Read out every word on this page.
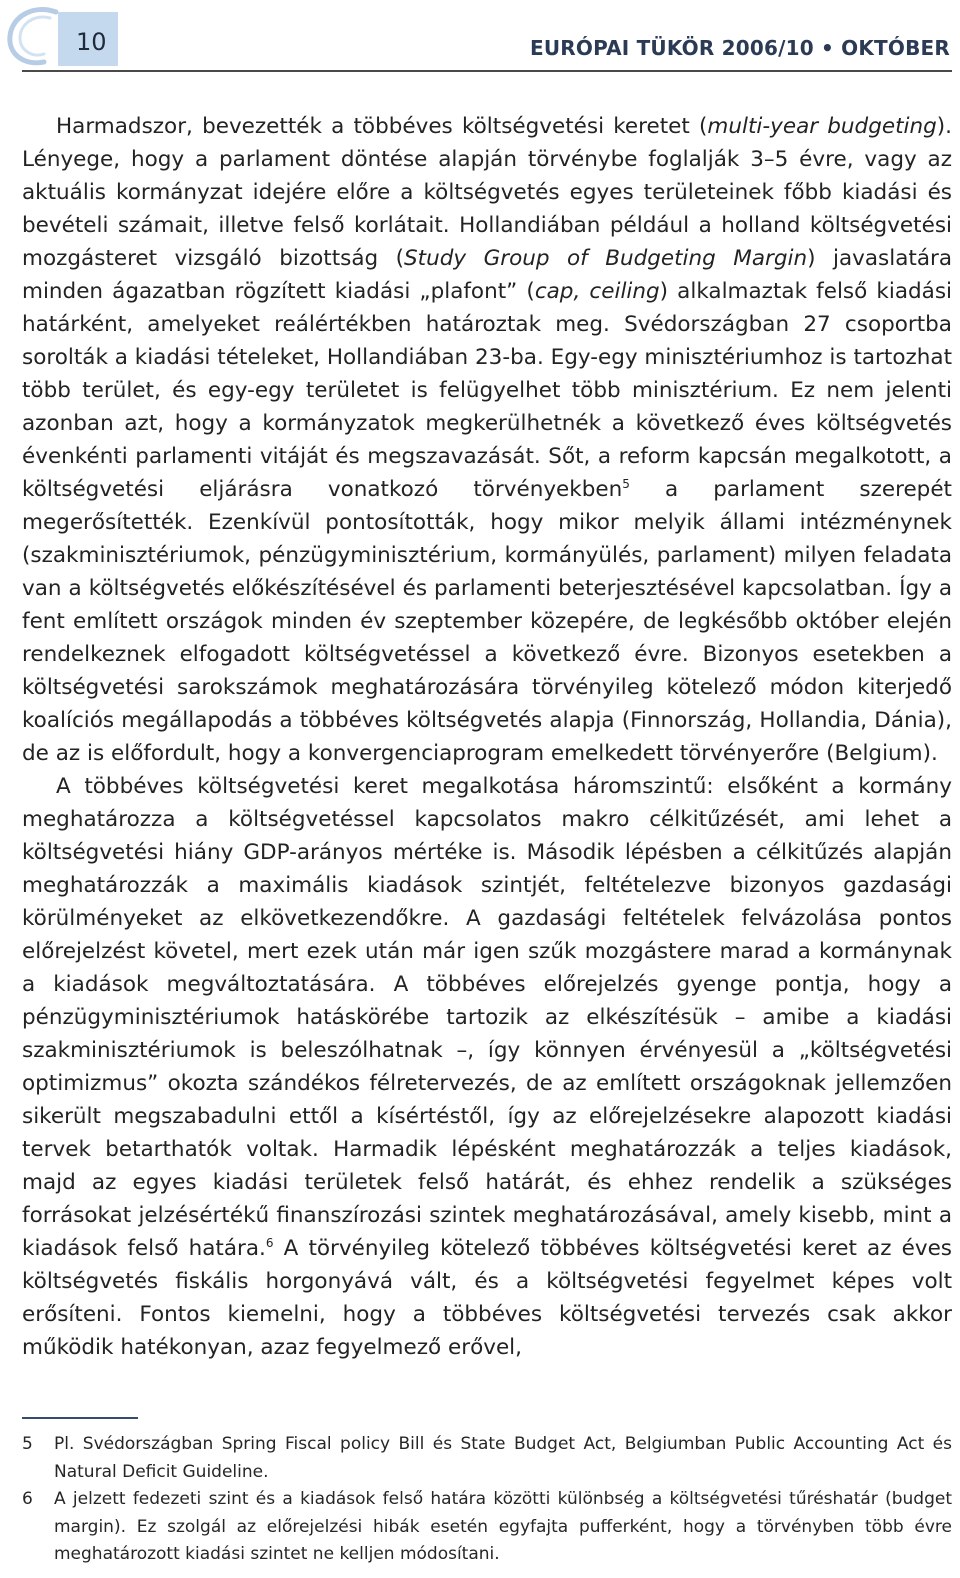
10	EURÓPAI TÜKÖR 2006/10 • OKTÓBER

Harmadszor, bevezették a többéves költségvetési keretet (multi-year budgeting). Lényege, hogy a parlament döntése alapján törvénybe foglalják 3–5 évre, vagy az aktuális kormányzat idejére előre a költségvetés egyes területeinek főbb kiadási és bevételi számait, illetve felső korlátait. Hollandiában például a holland költségvetési mozgásteret vizsgáló bizottság (Study Group of Budgeting Margin) javaslatára minden ágazatban rögzített kiadási „plafont” (cap, ceiling) alkalmaztak felső kiadási határként, amelyeket reálértékben határoztak meg. Svédországban 27 csoportba sorolták a kiadási tételeket, Hollandiában 23-ba. Egy-egy minisztériumhoz is tartozhat több terület, és egy-egy területet is felügyelhet több minisztérium. Ez nem jelenti azonban azt, hogy a kormányzatok megkerülhetnék a következő éves költségvetés évenkénti parlamenti vitáját és megszavazását. Sőt, a reform kapcsán megalkotott, a költségvetési eljárásra vonatkozó törvényekben$^5$ a parlament szerepét megerősítették. Ezenkívül pontosították, hogy mikor melyik állami intézménynek (szakminisztériumok, pénzügyminisztérium, kormányülés, parlament) milyen feladata van a költségvetés előkészítésével és parlamenti beterjesztésével kapcsolatban. Így a fent említett országok minden év szeptember közepére, de legkésőbb október elején rendelkeznek elfogadott költségvetéssel a következő évre. Bizonyos esetekben a költségvetési sarokszámok meghatározására törvényileg kötelező módon kiterjedő koalíciós megállapodás a többéves költségvetés alapja (Finnország, Hollandia, Dánia), de az is előfordult, hogy a konvergenciaprogram emelkedett törvényerőre (Belgium).

A többéves költségvetési keret megalkotása háromszintű: elsőként a kormány meghatározza a költségvetéssel kapcsolatos makro célkitűzését, ami lehet a költségvetési hiány GDP-arányos mértéke is. Második lépésben a célkitűzés alapján meghatározzák a maximális kiadások szintjét, feltételezve bizonyos gazdasági körülményeket az elkövetkezendőkre. A gazdasági feltételek felvázolása pontos előrejelzést követel, mert ezek után már igen szűk mozgástere marad a kormánynak a kiadások megváltoztatására. A többéves előrejelzés gyenge pontja, hogy a pénzügyminisztériumok hatáskörébe tartozik az elkészítésük – amibe a kiadási szakminisztériumok is beleszólhatnak –, így könnyen érvényesül a „költségvetési optimizmus” okozta szándékos félretervezés, de az említett országoknak jellemzően sikerült megszabadulni ettől a kísértéstől, így az előrejelzésekre alapozott kiadási tervek betarthatók voltak. Harmadik lépésként meghatározzák a teljes kiadások, majd az egyes kiadási területek felső határát, és ehhez rendelik a szükséges forrásokat jelzésértékű finanszírozási szintek meghatározásával, amely kisebb, mint a kiadások felső határa.$^6$ A törvényileg kötelező többéves költségvetési keret az éves költségvetés fiskális horgonyává vált, és a költségvetési fegyelmet képes volt erősíteni. Fontos kiemelni, hogy a többéves költségvetési tervezés csak akkor működik hatékonyan, azaz fegyelmező erővel,

5 Pl. Svédországban Spring Fiscal policy Bill és State Budget Act, Belgiumban Public Accounting Act és Natural Deficit Guideline.
6 A jelzett fedezeti szint és a kiadások felső határa közötti különbség a költségvetési tűréshatár (budget margin). Ez szolgál az előrejelzési hibák esetén egyfajta pufferként, hogy a törvényben több évre meghatározott kiadási szintet ne kelljen módosítani.
